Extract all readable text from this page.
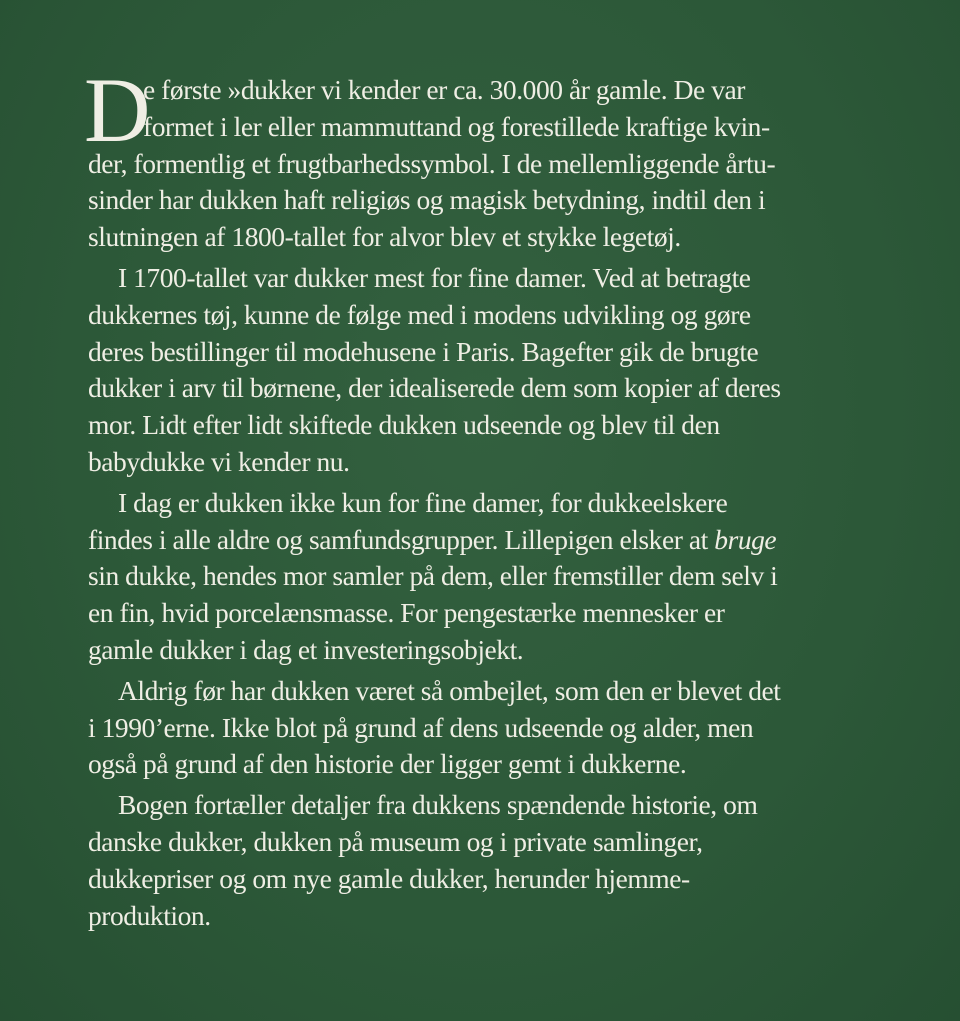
D
e første »dukker vi kender er ca. 30.000 år gamle. De var
formet i ler eller mammuttand og forestillede kraftige kvin-
der, formentlig et frugtbarhedssymbol. I de mellemliggende årtu-
sinder har dukken haft religiøs og magisk betydning, indtil den i
slutningen af 1800-tallet for alvor blev et stykke legetøj.
I 1700-tallet var dukker mest for fine damer. Ved at betragte
dukkernes tøj, kunne de følge med i modens udvikling og gøre
deres bestillinger til modehusene i Paris. Bagefter gik de brugte
dukker i arv til børnene, der idealiserede dem som kopier af deres
mor. Lidt efter lidt skiftede dukken udseende og blev til den
babydukke vi kender nu.
I dag er dukken ikke kun for fine damer, for dukkeelskere
findes i alle aldre og samfundsgrupper. Lillepigen elsker at bruge
sin dukke, hendes mor samler på dem, eller fremstiller dem selv i
en fin, hvid porcelænsmasse. For pengestærke mennesker er
gamle dukker i dag et investeringsobjekt.
Aldrig før har dukken været så ombejlet, som den er blevet det
i 1990’erne. Ikke blot på grund af dens udseende og alder, men
også på grund af den historie der ligger gemt i dukkerne.
Bogen fortæller detaljer fra dukkens spændende historie, om
danske dukker, dukken på museum og i private samlinger,
dukkepriser og om nye gamle dukker, herunder hjemme-
produktion.
